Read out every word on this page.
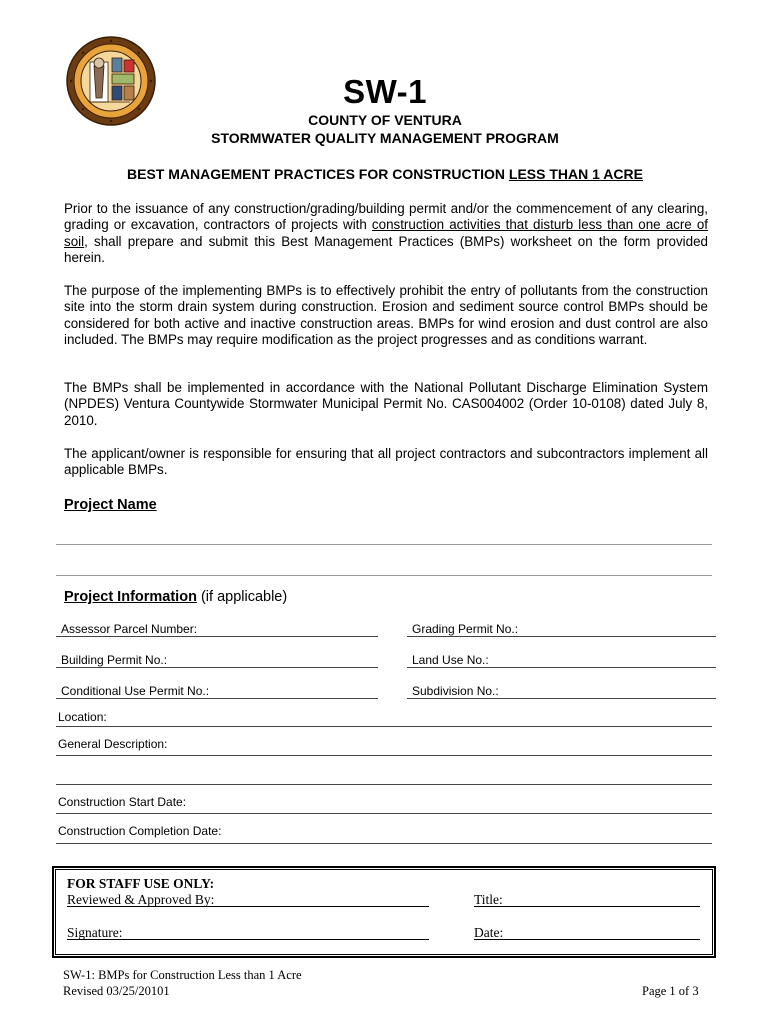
SW-1
COUNTY OF VENTURA
STORMWATER QUALITY MANAGEMENT PROGRAM
BEST MANAGEMENT PRACTICES FOR CONSTRUCTION LESS THAN 1 ACRE

Prior to the issuance of any construction/grading/building permit and/or the commencement of any clearing, grading or excavation, contractors of projects with construction activities that disturb less than one acre of soil, shall prepare and submit this Best Management Practices (BMPs) worksheet on the form provided herein.

The purpose of the implementing BMPs is to effectively prohibit the entry of pollutants from the construction site into the storm drain system during construction. Erosion and sediment source control BMPs should be considered for both active and inactive construction areas. BMPs for wind erosion and dust control are also included. The BMPs may require modification as the project progresses and as conditions warrant.

The BMPs shall be implemented in accordance with the National Pollutant Discharge Elimination System (NPDES) Ventura Countywide Stormwater Municipal Permit No. CAS004002 (Order 10-0108) dated July 8, 2010.

The applicant/owner is responsible for ensuring that all project contractors and subcontractors implement all applicable BMPs.

Project Name
Project Information (if applicable)
Assessor Parcel Number:	Grading Permit No.:
Building Permit No.:	Land Use No.:
Conditional Use Permit No.:	Subdivision No.:
Location:
General Description:
Construction Start Date:
Construction Completion Date:
FOR STAFF USE ONLY:
Reviewed & Approved By:	Title:
Signature:	Date:
SW-1: BMPs for Construction Less than 1 Acre
Revised 03/25/20101	Page 1 of 3
